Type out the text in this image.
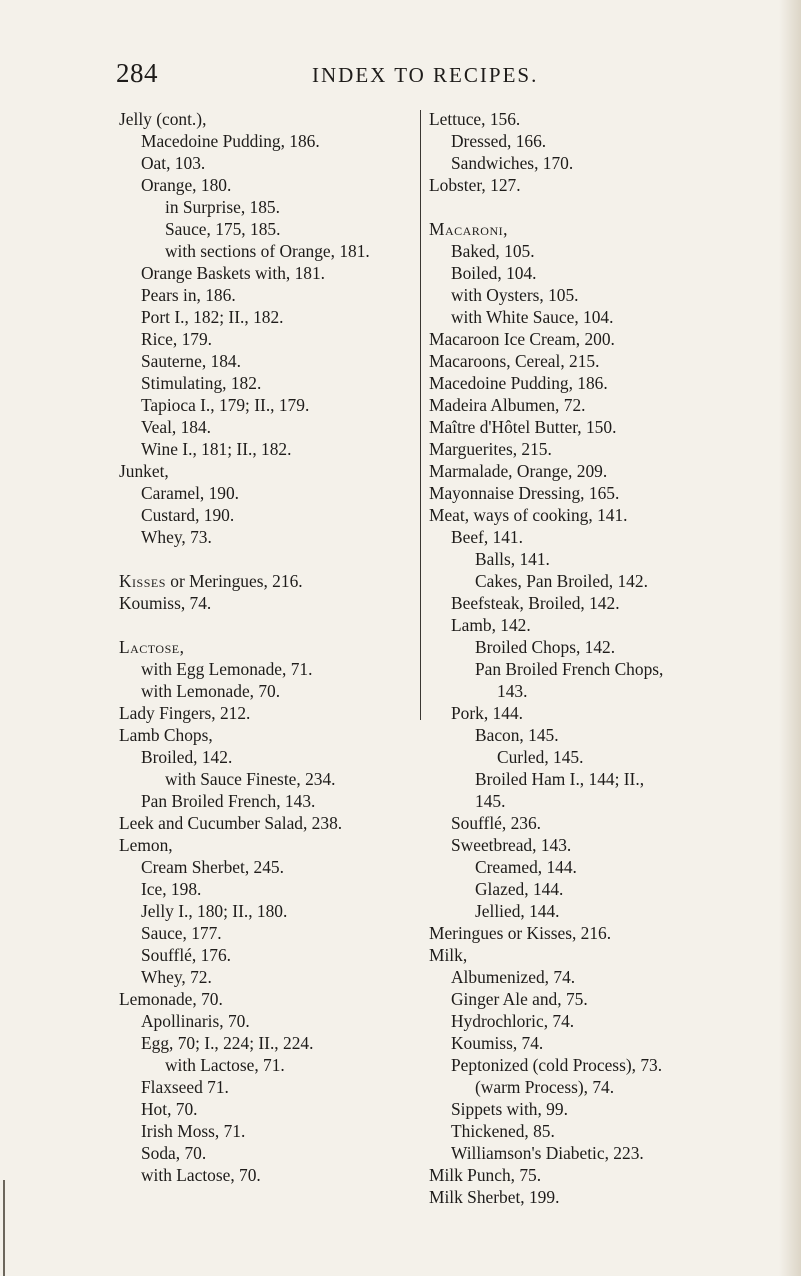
284	INDEX TO RECIPES.
Jelly (cont.),
Macedoine Pudding, 186.
Oat, 103.
Orange, 180.
in Surprise, 185.
Sauce, 175, 185.
with sections of Orange, 181.
Orange Baskets with, 181.
Pears in, 186.
Port I., 182; II., 182.
Rice, 179.
Sauterne, 184.
Stimulating, 182.
Tapioca I., 179; II., 179.
Veal, 184.
Wine I., 181; II., 182.
Junket,
Caramel, 190.
Custard, 190.
Whey, 73.
Kisses or Meringues, 216.
Koumiss, 74.
Lactose,
with Egg Lemonade, 71.
with Lemonade, 70.
Lady Fingers, 212.
Lamb Chops,
Broiled, 142.
with Sauce Fineste, 234.
Pan Broiled French, 143.
Leek and Cucumber Salad, 238.
Lemon,
Cream Sherbet, 245.
Ice, 198.
Jelly I., 180; II., 180.
Sauce, 177.
Soufflé, 176.
Whey, 72.
Lemonade, 70.
Apollinaris, 70.
Egg, 70; I., 224; II., 224.
with Lactose, 71.
Flaxseed 71.
Hot, 70.
Irish Moss, 71.
Soda, 70.
with Lactose, 70.
Lettuce, 156.
Dressed, 166.
Sandwiches, 170.
Lobster, 127.
Macaroni,
Baked, 105.
Boiled, 104.
with Oysters, 105.
with White Sauce, 104.
Macaroon Ice Cream, 200.
Macaroons, Cereal, 215.
Macedoine Pudding, 186.
Madeira Albumen, 72.
Maître d'Hôtel Butter, 150.
Marguerites, 215.
Marmalade, Orange, 209.
Mayonnaise Dressing, 165.
Meat, ways of cooking, 141.
Beef, 141.
Balls, 141.
Cakes, Pan Broiled, 142.
Beefsteak, Broiled, 142.
Lamb, 142.
Broiled Chops, 142.
Pan Broiled French Chops,
143.
Pork, 144.
Bacon, 145.
Curled, 145.
Broiled Ham I., 144; II.,
145.
Soufflé, 236.
Sweetbread, 143.
Creamed, 144.
Glazed, 144.
Jellied, 144.
Meringues or Kisses, 216.
Milk,
Albumenized, 74.
Ginger Ale and, 75.
Hydrochloric, 74.
Koumiss, 74.
Peptonized (cold Process), 73.
(warm Process), 74.
Sippets with, 99.
Thickened, 85.
Williamson's Diabetic, 223.
Milk Punch, 75.
Milk Sherbet, 199.
